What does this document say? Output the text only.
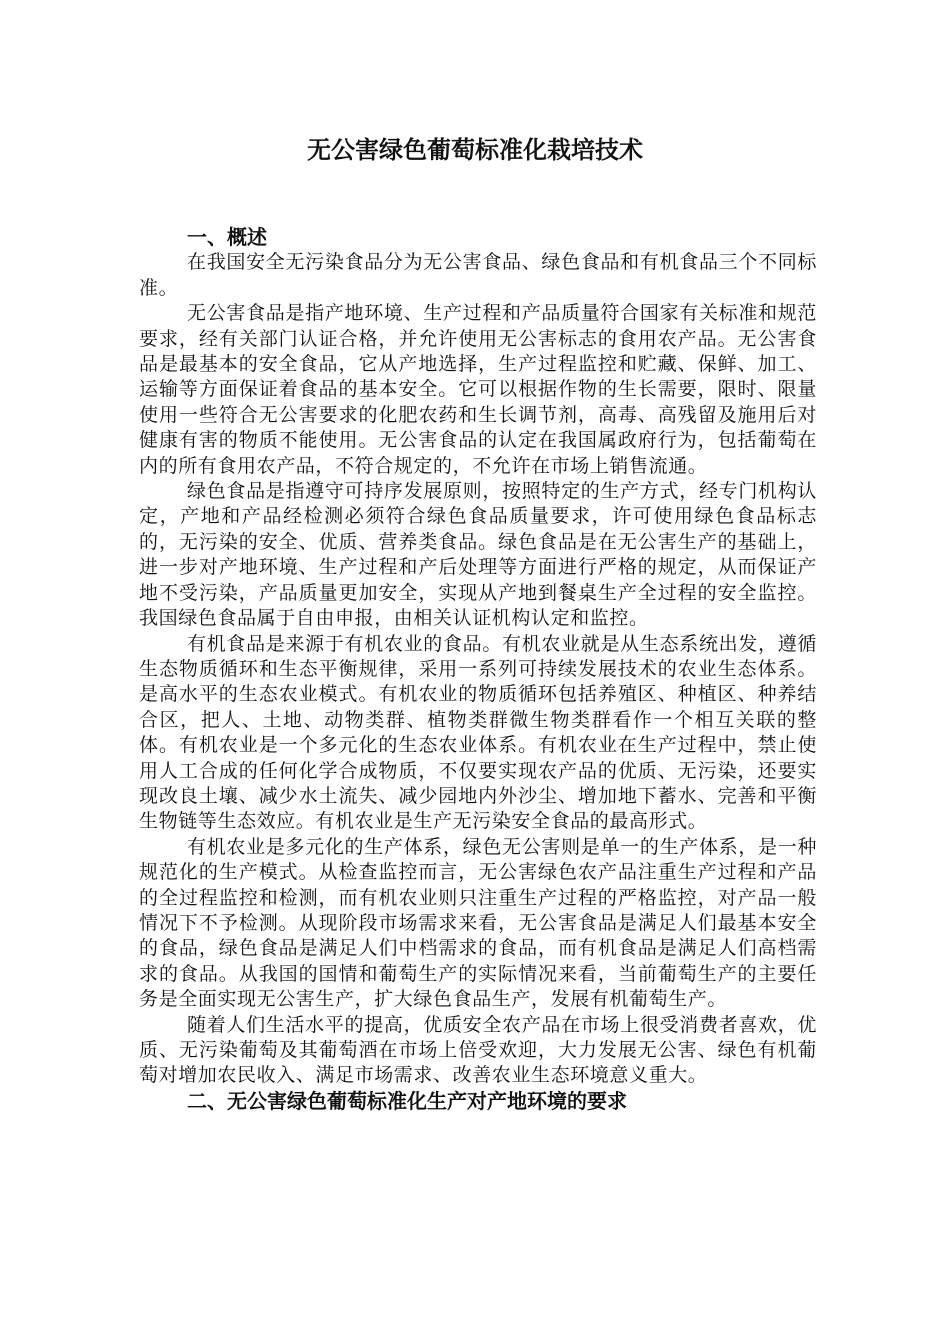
无公害绿色葡萄标准化栽培技术

一、概述

在我国安全无污染食品分为无公害食品、绿色食品和有机食品三个不同标准。

无公害食品是指产地环境、生产过程和产品质量符合国家有关标准和规范要求，经有关部门认证合格，并允许使用无公害标志的食用农产品。无公害食品是最基本的安全食品，它从产地选择，生产过程监控和贮藏、保鲜、加工、运输等方面保证着食品的基本安全。它可以根据作物的生长需要，限时、限量使用一些符合无公害要求的化肥农药和生长调节剂，高毒、高残留及施用后对健康有害的物质不能使用。无公害食品的认定在我国属政府行为，包括葡萄在内的所有食用农产品，不符合规定的，不允许在市场上销售流通。

绿色食品是指遵守可持序发展原则，按照特定的生产方式，经专门机构认定，产地和产品经检测必须符合绿色食品质量要求，许可使用绿色食品标志的，无污染的安全、优质、营养类食品。绿色食品是在无公害生产的基础上，进一步对产地环境、生产过程和产后处理等方面进行严格的规定，从而保证产地不受污染，产品质量更加安全，实现从产地到餐桌生产全过程的安全监控。我国绿色食品属于自由申报，由相关认证机构认定和监控。

有机食品是来源于有机农业的食品。有机农业就是从生态系统出发，遵循生态物质循环和生态平衡规律，采用一系列可持续发展技术的农业生态体系。是高水平的生态农业模式。有机农业的物质循环包括养殖区、种植区、种养结合区，把人、土地、动物类群、植物类群微生物类群看作一个相互关联的整体。有机农业是一个多元化的生态农业体系。有机农业在生产过程中，禁止使用人工合成的任何化学合成物质，不仅要实现农产品的优质、无污染，还要实现改良土壤、减少水土流失、减少园地内外沙尘、增加地下蓄水、完善和平衡生物链等生态效应。有机农业是生产无污染安全食品的最高形式。

有机农业是多元化的生产体系，绿色无公害则是单一的生产体系，是一种规范化的生产模式。从检查监控而言，无公害绿色农产品注重生产过程和产品的全过程监控和检测，而有机农业则只注重生产过程的严格监控，对产品一般情况下不予检测。从现阶段市场需求来看，无公害食品是满足人们最基本安全的食品，绿色食品是满足人们中档需求的食品，而有机食品是满足人们高档需求的食品。从我国的国情和葡萄生产的实际情况来看，当前葡萄生产的主要任务是全面实现无公害生产，扩大绿色食品生产，发展有机葡萄生产。

随着人们生活水平的提高，优质安全农产品在市场上很受消费者喜欢，优质、无污染葡萄及其葡萄酒在市场上倍受欢迎，大力发展无公害、绿色有机葡萄对增加农民收入、满足市场需求、改善农业生态环境意义重大。

二、无公害绿色葡萄标准化生产对产地环境的要求
